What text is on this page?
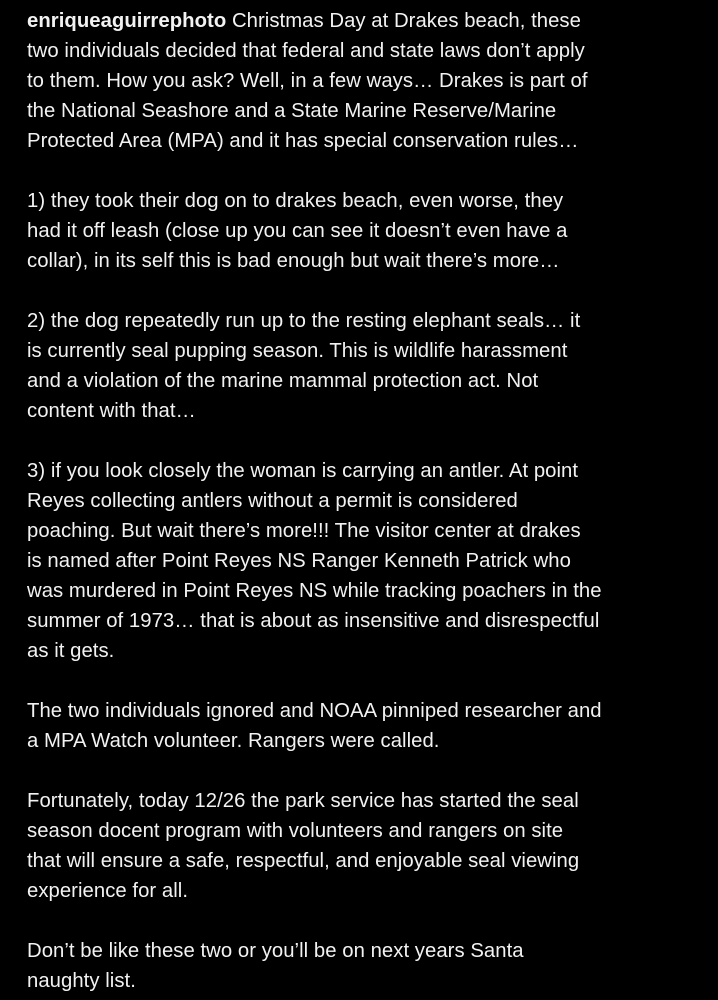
enriqueaguirrephoto Christmas Day at Drakes beach, these
two individuals decided that federal and state laws don’t apply
to them. How you ask? Well, in a few ways… Drakes is part of
the National Seashore and a State Marine Reserve/Marine
Protected Area (MPA) and it has special conservation rules…
1) they took their dog on to drakes beach, even worse, they
had it off leash (close up you can see it doesn’t even have a
collar), in its self this is bad enough but wait there’s more…
2) the dog repeatedly run up to the resting elephant seals… it
is currently seal pupping season. This is wildlife harassment
and a violation of the marine mammal protection act. Not
content with that…
3) if you look closely the woman is carrying an antler. At point
Reyes collecting antlers without a permit is considered
poaching. But wait there’s more!!! The visitor center at drakes
is named after Point Reyes NS Ranger Kenneth Patrick who
was murdered in Point Reyes NS while tracking poachers in the
summer of 1973… that is about as insensitive and disrespectful
as it gets.
The two individuals ignored and NOAA pinniped researcher and
a MPA Watch volunteer. Rangers were called.
Fortunately, today 12/26 the park service has started the seal
season docent program with volunteers and rangers on site
that will ensure a safe, respectful, and enjoyable seal viewing
experience for all.
Don’t be like these two or you’ll be on next years Santa
naughty list.
